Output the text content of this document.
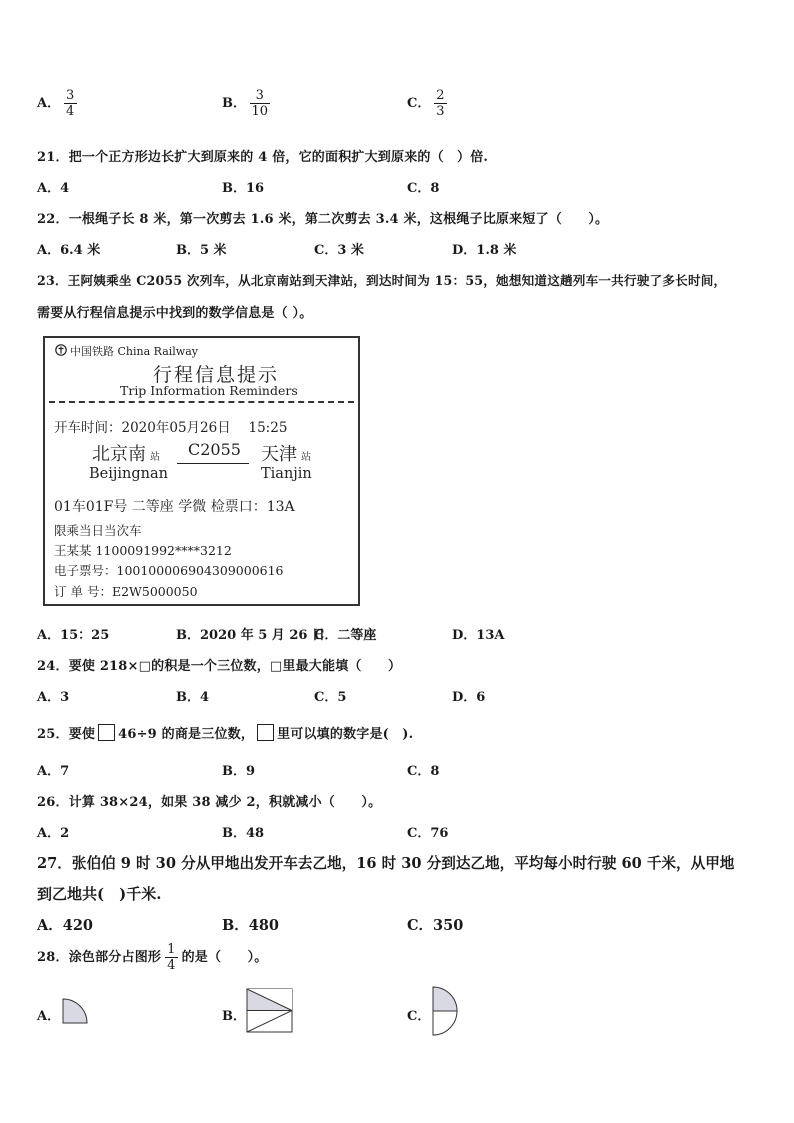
A． $\frac{3}{4}$	B． $\frac{3}{10}$	C． $\frac{2}{3}$
21．把一个正方形边长扩大到原来的 4 倍，它的面积扩大到原来的（　）倍.
A．4	B．16	C．8
22．一根绳子长 8 米，第一次剪去 1.6 米，第二次剪去 3.4 米，这根绳子比原来短了（　　）。
A．6.4 米	B．5 米	C．3 米	D．1.8 米
23．王阿姨乘坐 C2055 次列车，从北京南站到天津站，到达时间为 15：55，她想知道这趟列车一共行驶了多长时间，
需要从行程信息提示中找到的数学信息是（ ）。
中国铁路 China Railway
行程信息提示
Trip Information Reminders
开车时间：2020年05月26日　 15:25
北京南 站
Beijingnan
C2055 天津 站
Tianjin
01车01F号 二等座 学微 检票口：13A
限乘当日当次车
王某某 1100091992****3212
电子票号：10010000690430900061​6
订 单 号：E2W5000050
A．15：25	B．2020 年 5 月 26 日
C．二等座	D．13A
24．要使 218×□的积是一个三位数，□里最大能填（　　）
A．3	B．4	C．5	D．6
25．要使 46÷9 的商是三位数， 里可以填的数字是(　).
A．7	B．9	C．8
26．计算 38×24，如果 38 减少 2，积就减小（　　）。
A．2	B．48	C．76
27．张伯伯 9 时 30 分从甲地出发开车去乙地，16 时 30 分到达乙地，平均每小时行驶 60 千米，从甲地
到乙地共(　)千米.
A．420	B．480	C．350
28．涂色部分占图形 $\frac{1}{4}$ 的是（　　）。
A．	B．	C．
